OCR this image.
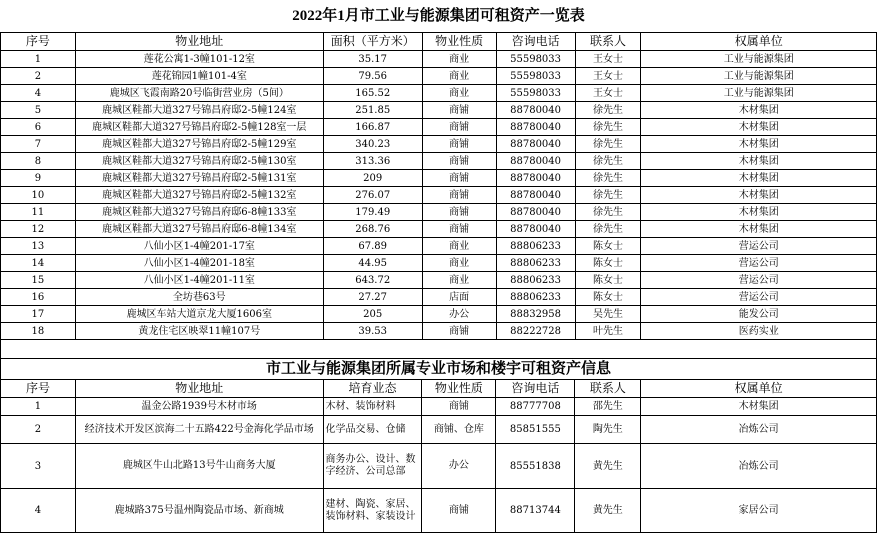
2022年1月市工业与能源集团可租资产一览表						
序号	物业地址	面积（平方米）	物业性质	咨询电话	联系人	权属单位
1	莲花公寓1-3幢101-12室	35.17	商业	55598033	王女士	工业与能源集团
2	莲花锦园1幢101-4室	79.56	商业	55598033	王女士	工业与能源集团
4	鹿城区飞霞南路20号临街营业房（5间）	165.52	商业	55598033	王女士	工业与能源集团
5	鹿城区鞋都大道327号锦昌府邸2-5幢124室	251.85	商铺	88780040	徐先生	木材集团
6	鹿城区鞋都大道327号锦昌府邸2-5幢128室一层	166.87	商铺	88780040	徐先生	木材集团
7	鹿城区鞋都大道327号锦昌府邸2-5幢129室	340.23	商铺	88780040	徐先生	木材集团
8	鹿城区鞋都大道327号锦昌府邸2-5幢130室	313.36	商铺	88780040	徐先生	木材集团
9	鹿城区鞋都大道327号锦昌府邸2-5幢131室	209	商铺	88780040	徐先生	木材集团
10	鹿城区鞋都大道327号锦昌府邸2-5幢132室	276.07	商铺	88780040	徐先生	木材集团
11	鹿城区鞋都大道327号锦昌府邸6-8幢133室	179.49	商铺	88780040	徐先生	木材集团
12	鹿城区鞋都大道327号锦昌府邸6-8幢134室	268.76	商铺	88780040	徐先生	木材集团
13	八仙小区1-4幢201-17室	67.89	商业	88806233	陈女士	营运公司
14	八仙小区1-4幢201-18室	44.95	商业	88806233	陈女士	营运公司
15	八仙小区1-4幢201-11室	643.72	商业	88806233	陈女士	营运公司
16	全坊巷63号	27.27	店面	88806233	陈女士	营运公司
17	鹿城区车站大道京龙大厦1606室	205	办公	88832958	吴先生	能发公司
18	黄龙住宅区映翠11幢107号	39.53	商铺	88222728	叶先生	医药实业

市工业与能源集团所属专业市场和楼宇可租资产信息						
序号	物业地址	培育业态	物业性质	咨询电话	联系人	权属单位
1	温金公路1939号木材市场	木材、装饰材料	商铺	88777708	邵先生	木材集团
2	经济技术开发区滨海二十五路422号金海化学品市场	化学品交易、仓储	商铺、仓库	85851555	陶先生	冶炼公司
3	鹿城区牛山北路13号牛山商务大厦	商务办公、设计、数字经济、公司总部	办公	85551838	黄先生	冶炼公司
4	鹿城路375号温州陶瓷品市场、新商城	建材、陶瓷、家居、装饰材料、家装设计	商铺	88713744	黄先生	家居公司
